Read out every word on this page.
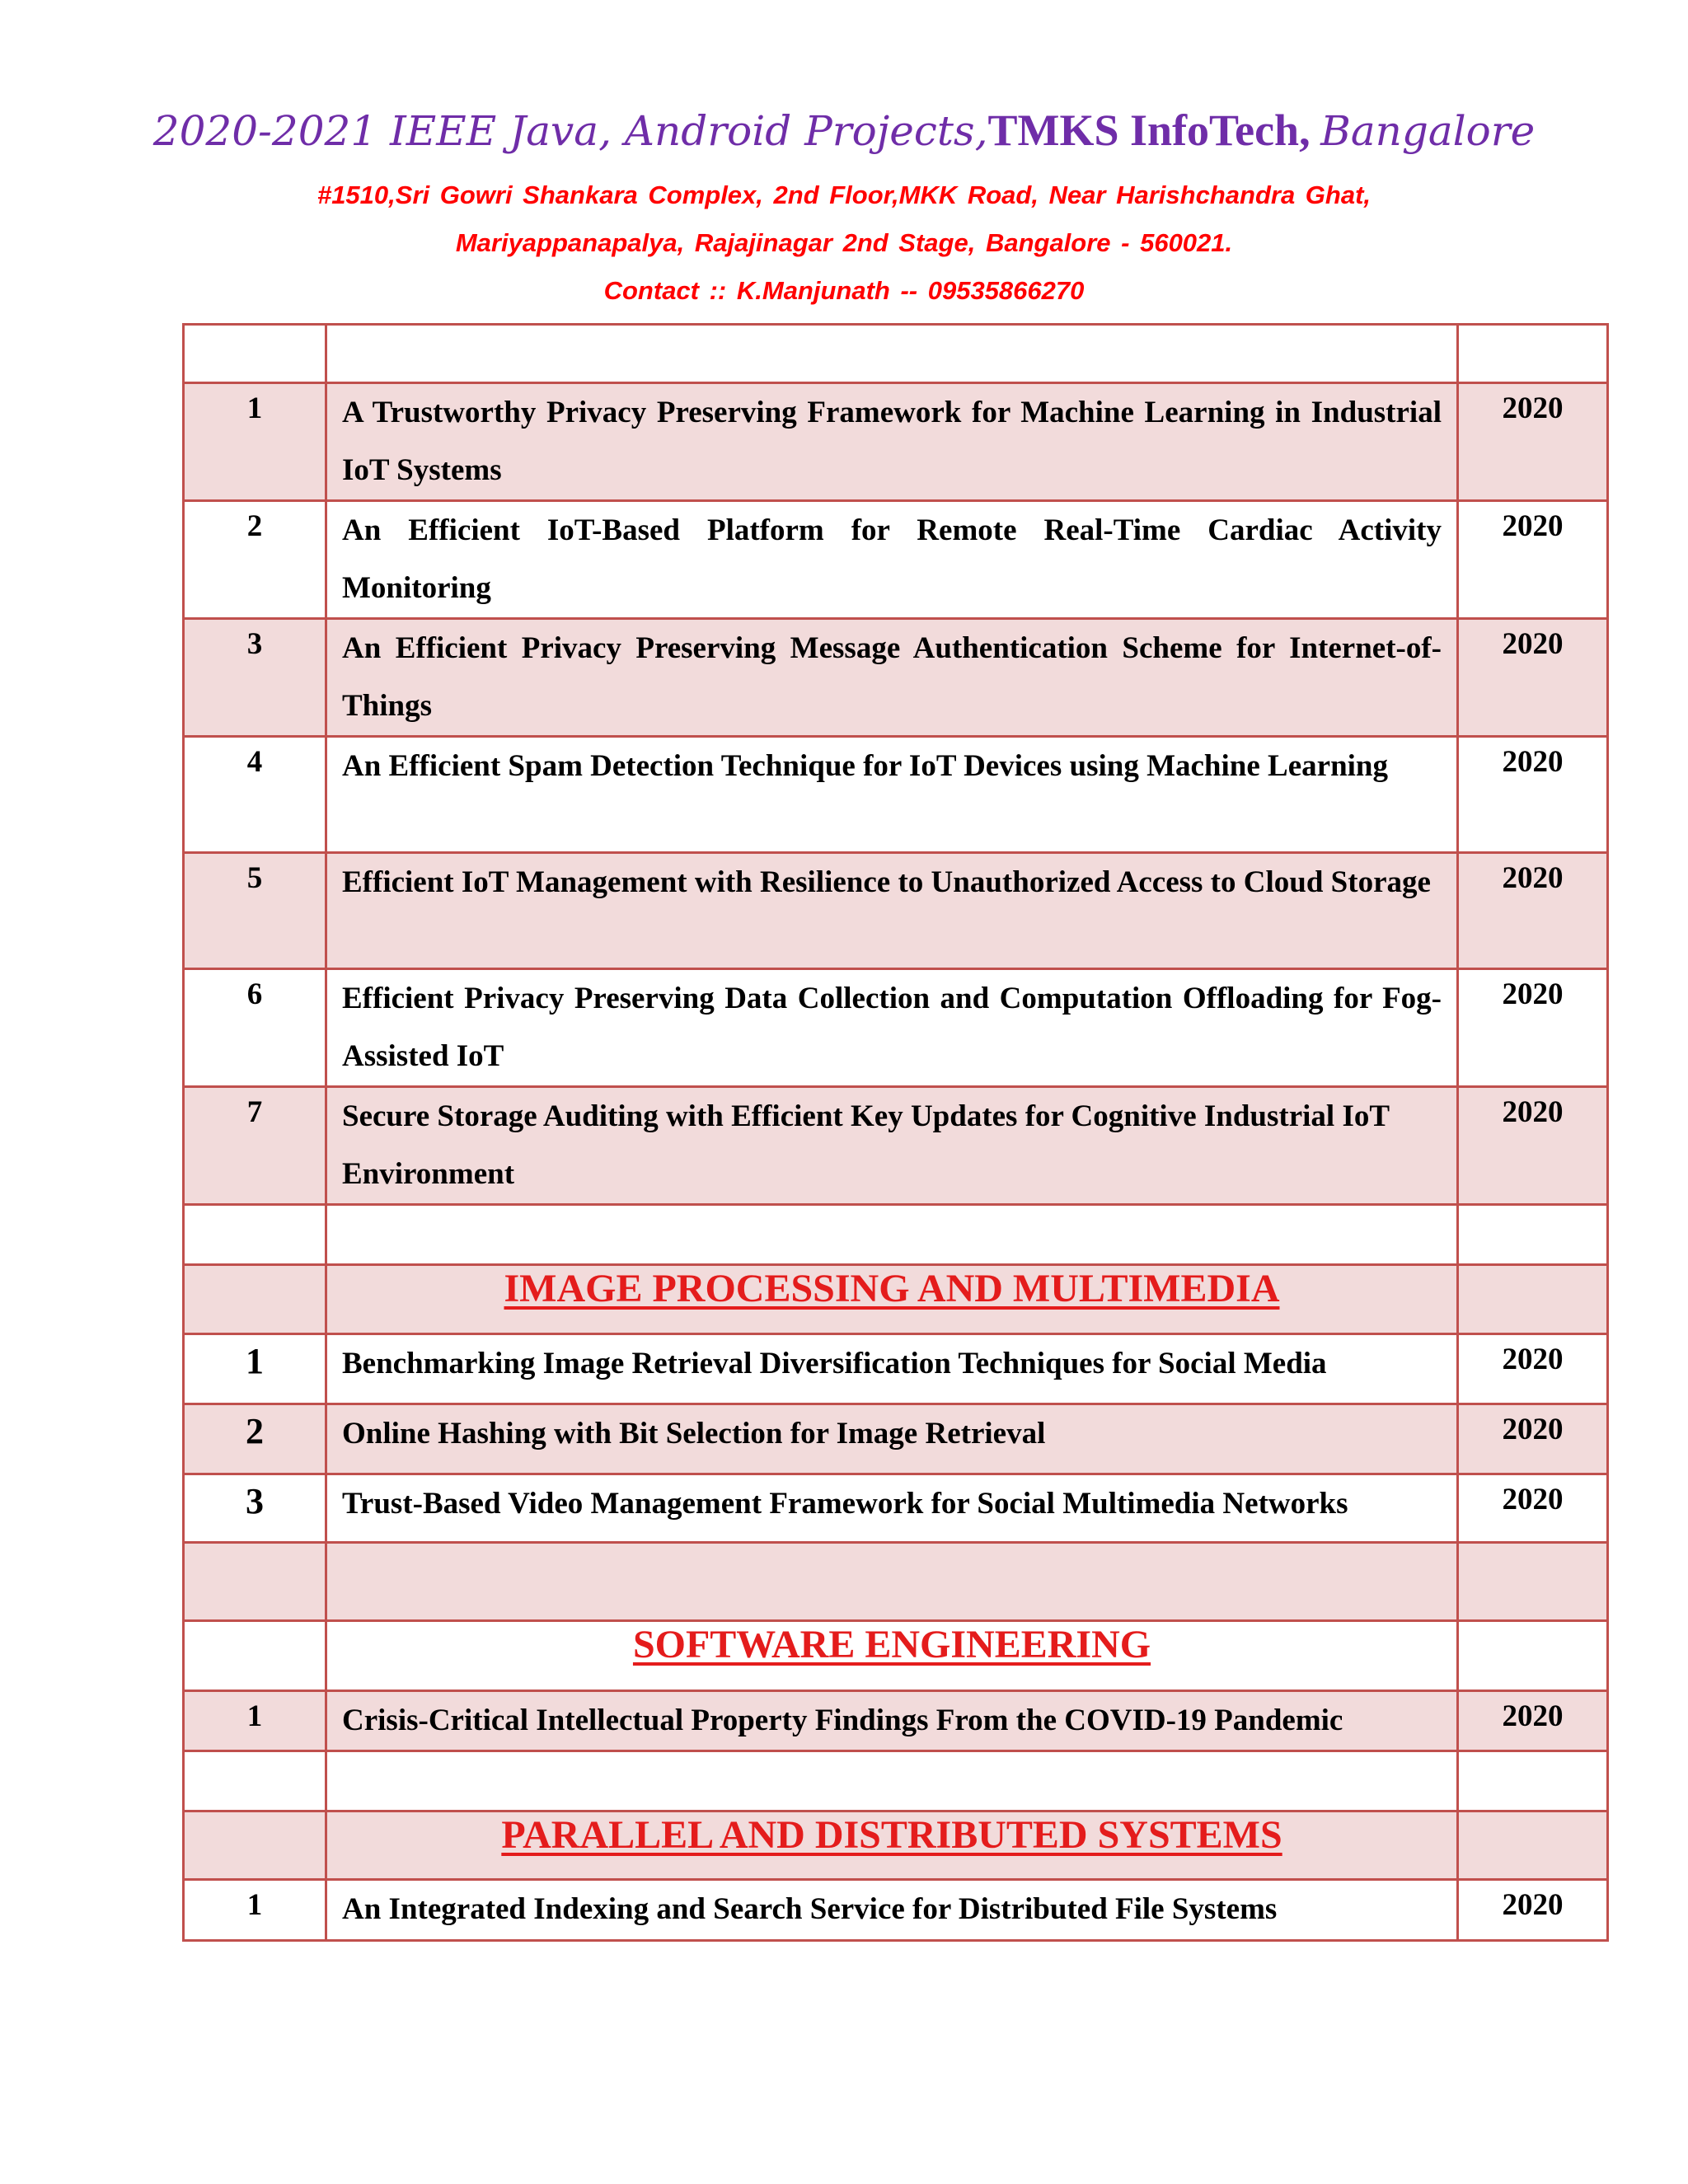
2020-2021 IEEE Java, Android Projects,TMKS InfoTech, Bangalore
#1510,Sri Gowri Shankara Complex, 2nd Floor,MKK Road, Near Harishchandra Ghat,
Mariyappanapalya, Rajajinagar 2nd Stage, Bangalore - 560021.
Contact :: K.Manjunath -- 09535866270

1	A Trustworthy Privacy Preserving Framework for Machine Learning in Industrial IoT Systems	2020
2	An Efficient IoT-Based Platform for Remote Real-Time Cardiac Activity Monitoring	2020
3	An Efficient Privacy Preserving Message Authentication Scheme for Internet-of-Things	2020
4	An Efficient Spam Detection Technique for IoT Devices using Machine Learning	2020
5	Efficient IoT Management with Resilience to Unauthorized Access to Cloud Storage	2020
6	Efficient Privacy Preserving Data Collection and Computation Offloading for Fog-Assisted IoT	2020
7	Secure Storage Auditing with Efficient Key Updates for Cognitive Industrial IoT Environment	2020

	IMAGE PROCESSING AND MULTIMEDIA	
1	Benchmarking Image Retrieval Diversification Techniques for Social Media	2020
2	Online Hashing with Bit Selection for Image Retrieval	2020
3	Trust-Based Video Management Framework for Social Multimedia Networks	2020

	SOFTWARE ENGINEERING	
1	Crisis-Critical Intellectual Property Findings From the COVID-19 Pandemic	2020

	PARALLEL AND DISTRIBUTED SYSTEMS	
1	An Integrated Indexing and Search Service for Distributed File Systems	2020
